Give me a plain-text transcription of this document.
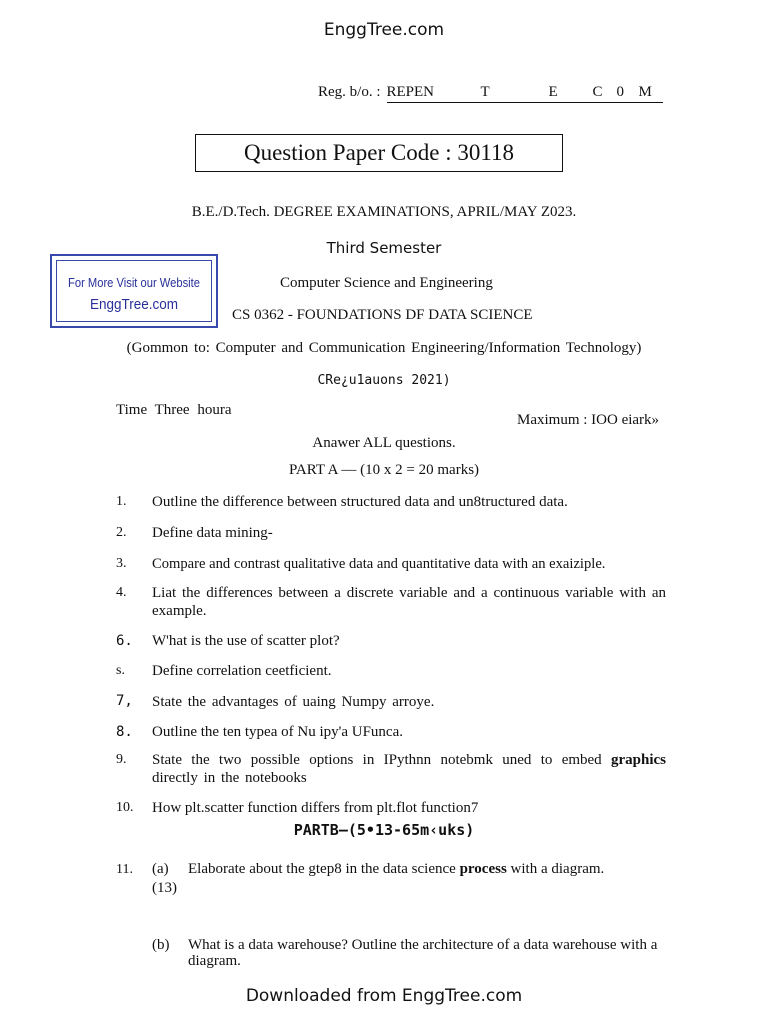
EnggTree.com
Reg. b/o. : REPEN	T	E C 0 M
Question Paper Code : 30118
B.E./D.Tech. DEGREE EXAMINATIONS, APRIL/MAY Z023.
Third Semester
For More Visit our Website
EnggTree.com
Computer Science and Engineering
CS 0362 - FOUNDATIONS DF DATA SCIENCE
(Gommon to: Computer and Communication Engineering/Information Technology)
CRe¿u1auons 2021)
Time Three houra
Maximum : IOO eiark»
Anawer ALL questions.
PART A — (10 x 2 = 20 marks)
1. Outline the difference between structured data and un8tructured data.
2. Define data mining-
3. Compare and contrast qualitative data and quantitative data with an exaiziple.
4. Liat the differences between a discrete variable and a continuous variable with an example.
6. W'hat is the use of scatter plot?
s. Define correlation ceetficient.
7, State the advantages of uaing Numpy arroye.
8. Outline the ten typea of Nu ipy'a UFunca.
9. State the two possible options in IPythnn notebmk uned to embed graphics directly in the notebooks
10. How plt.scatter function differs from plt.flot function7
PARTB—(5•13-65m‹uks)
11. (a) Elaborate about the gtep8 in the data science process with a diagram.
(13)
(b) What is a data warehouse? Outline the architecture of a data warehouse with a diagram.
Downloaded from EnggTree.com
